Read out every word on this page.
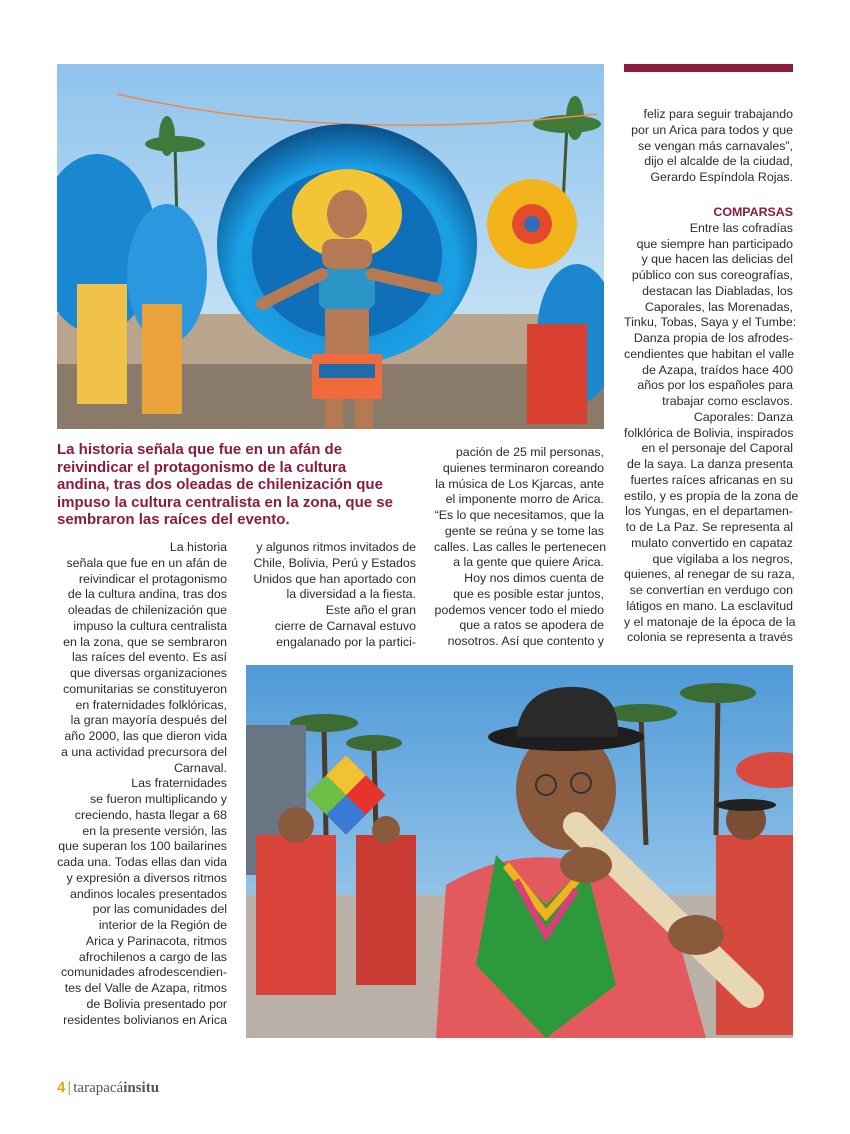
feliz para seguir trabajando
por un Arica para todos y que
se vengan más carnavales”,
dijo el alcalde de la ciudad,
Gerardo Espíndola Rojas.
COMPARSAS
Entre las cofradías
que siempre han participado
y que hacen las delicias del
público con sus coreografías,
destacan las Diabladas, los
Caporales, las Morenadas,
Tinku, Tobas, Saya y el Tumbe:
Danza propia de los afrodes-
cendientes que habitan el valle
de Azapa, traídos hace 400
años por los españoles para
trabajar como esclavos.
Caporales: Danza
folklórica de Bolivia, inspirados
en el personaje del Caporal
de la saya. La danza presenta
fuertes raíces africanas en su
estilo, y es propia de la zona de
los Yungas, en el departamen-
to de La Paz. Se representa al
mulato convertido en capataz
que vigilaba a los negros,
quienes, al renegar de su raza,
se convertían en verdugo con
látigos en mano. La esclavitud
y el matonaje de la época de la
colonia se representa a través
La historia señala que fue en un afán de
reivindicar el protagonismo de la cultura
andina, tras dos oleadas de chilenización que
impuso la cultura centralista en la zona, que se
sembraron las raíces del evento.
pación de 25 mil personas,
quienes terminaron coreando
la música de Los Kjarcas, ante
el imponente morro de Arica.
“Es lo que necesitamos, que la
gente se reúna y se tome las
calles. Las calles le pertenecen
a la gente que quiere Arica.
Hoy nos dimos cuenta de
que es posible estar juntos,
podemos vencer todo el miedo
que a ratos se apodera de
nosotros. Así que contento y
La historia
señala que fue en un afán de
reivindicar el protagonismo
de la cultura andina, tras dos
oleadas de chilenización que
impuso la cultura centralista
en la zona, que se sembraron
las raíces del evento. Es así
que diversas organizaciones
comunitarias se constituyeron
en fraternidades folklóricas,
la gran mayoría después del
año 2000, las que dieron vida
a una actividad precursora del
Carnaval.
Las fraternidades
se fueron multiplicando y
creciendo, hasta llegar a 68
en la presente versión, las
que superan los 100 bailarines
cada una. Todas ellas dan vida
y expresión a diversos ritmos
andinos locales presentados
por las comunidades del
interior de la Región de
Arica y Parinacota, ritmos
afrochilenos a cargo de las
comunidades afrodescendien-
tes del Valle de Azapa, ritmos
de Bolivia presentado por
residentes bolivianos en Arica
y algunos ritmos invitados de
Chile, Bolivia, Perú y Estados
Unidos que han aportado con
la diversidad a la fiesta.
Este año el gran
cierre de Carnaval estuvo
engalanado por la partici-
4 | tarapacáinsitu
